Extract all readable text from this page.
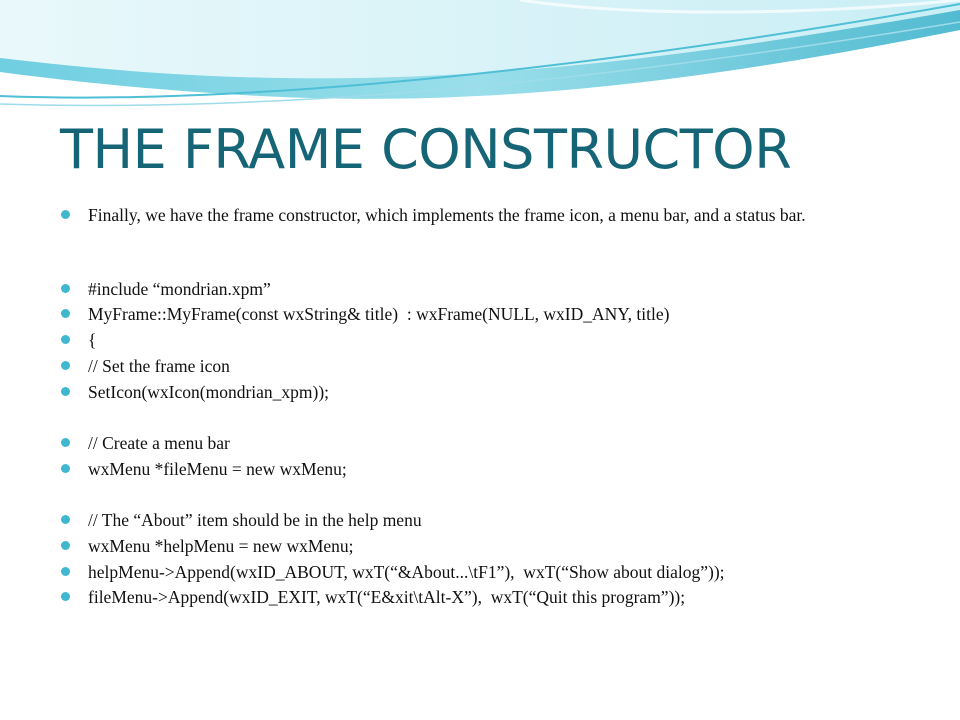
THE FRAME CONSTRUCTOR
Finally, we have the frame constructor, which implements the frame icon, a menu bar, and a status bar.
#include “mondrian.xpm”
MyFrame::MyFrame(const wxString& title)  : wxFrame(NULL, wxID_ANY, title)
{
// Set the frame icon
SetIcon(wxIcon(mondrian_xpm));
// Create a menu bar
wxMenu *fileMenu = new wxMenu;
// The “About” item should be in the help menu
wxMenu *helpMenu = new wxMenu;
helpMenu->Append(wxID_ABOUT, wxT(“&About...\tF1”),  wxT(“Show about dialog”));
fileMenu->Append(wxID_EXIT, wxT(“E&xit\tAlt-X”),  wxT(“Quit this program”));
